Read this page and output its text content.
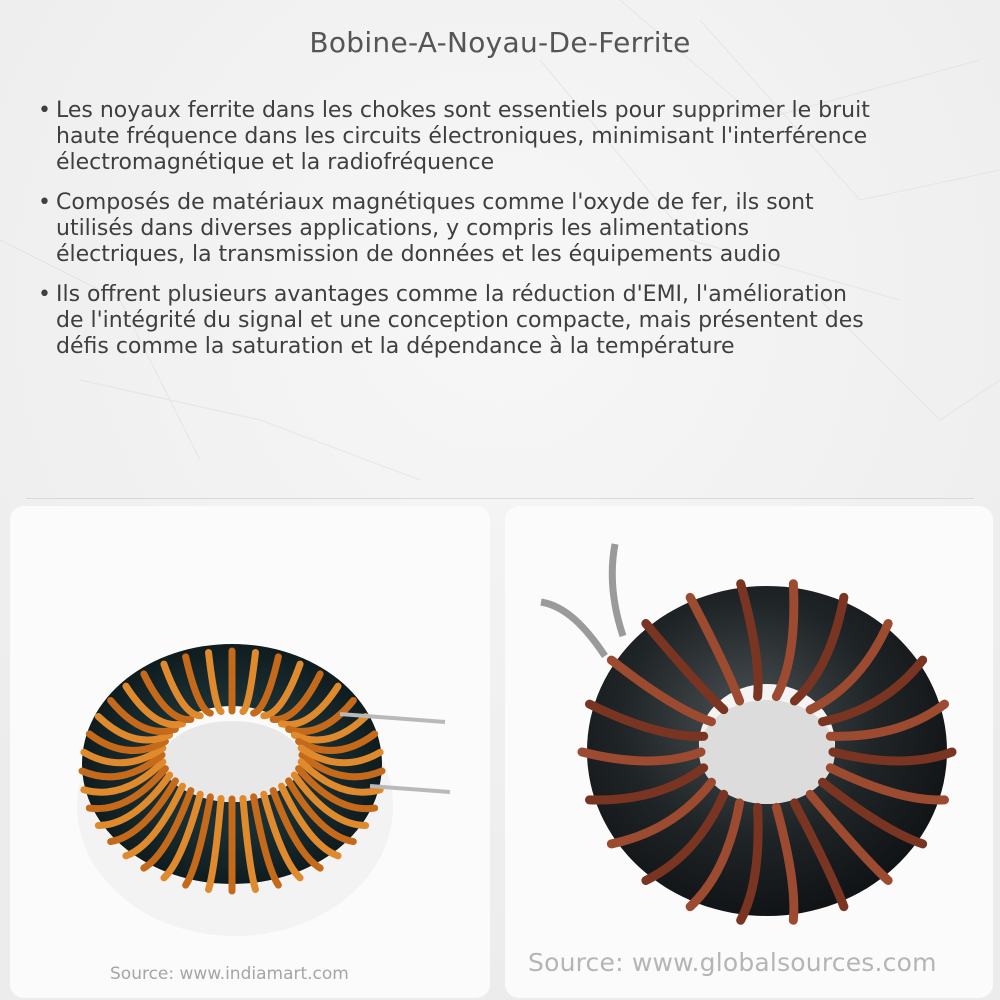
Bobine-A-Noyau-De-Ferrite
• Les noyaux ferrite dans les chokes sont essentiels pour supprimer le bruit
haute fréquence dans les circuits électroniques, minimisant l'interférence
électromagnétique et la radiofréquence
• Composés de matériaux magnétiques comme l'oxyde de fer, ils sont
utilisés dans diverses applications, y compris les alimentations
électriques, la transmission de données et les équipements audio
• Ils offrent plusieurs avantages comme la réduction d'EMI, l'amélioration
de l'intégrité du signal et une conception compacte, mais présentent des
défis comme la saturation et la dépendance à la température
Source: www.indiamart.com	Source: www.globalsources.com
